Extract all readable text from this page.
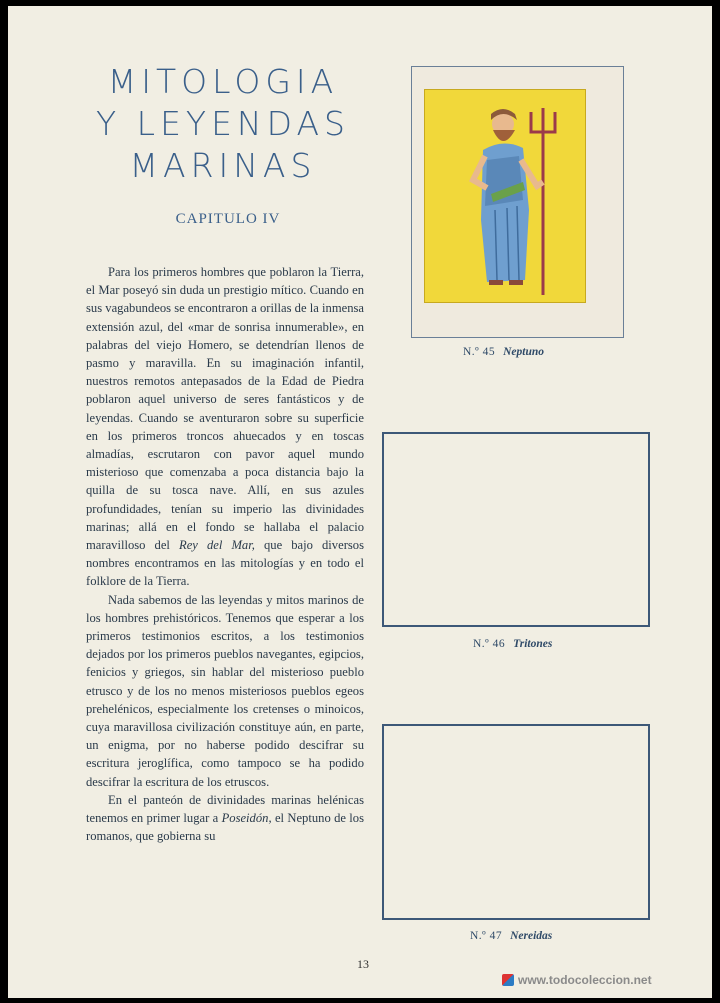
MITOLOGIA
Y LEYENDAS
MARINAS
CAPITULO IV

Para los primeros hombres que poblaron la Tierra, el Mar poseyó sin duda un prestigio mítico. Cuando en sus vagabundeos se encontraron a orillas de la inmensa extensión azul, del «mar de sonrisa innumerable», en palabras del viejo Homero, se detendrían llenos de pasmo y maravilla. En su imaginación infantil, nuestros remotos antepasados de la Edad de Piedra poblaron aquel universo de seres fantásticos y de leyendas. Cuando se aventuraron sobre su superficie en los primeros troncos ahuecados y en toscas almadías, escrutaron con pavor aquel mundo misterioso que comenzaba a poca distancia bajo la quilla de su tosca nave. Allí, en sus azules profundidades, tenían su imperio las divinidades marinas; allá en el fondo se hallaba el palacio maravilloso del Rey del Mar, que bajo diversos nombres encontramos en las mitologías y en todo el folklore de la Tierra.

Nada sabemos de las leyendas y mitos marinos de los hombres prehistóricos. Tenemos que esperar a los primeros testimonios escritos, a los testimonios dejados por los primeros pueblos navegantes, egipcios, fenicios y griegos, sin hablar del misterioso pueblo etrusco y de los no menos misteriosos pueblos egeos prehelénicos, especialmente los cretenses o minoicos, cuya maravillosa civilización constituye aún, en parte, un enigma, por no haberse podido descifrar su escritura jeroglífica, como tampoco se ha podido descifrar la escritura de los etruscos.

En el panteón de divinidades marinas helénicas tenemos en primer lugar a Poseidón, el Neptuno de los romanos, que gobierna su

N.º 45 Neptuno
N.º 46 Tritones
N.º 47 Nereidas
13
www.todocoleccion.net
